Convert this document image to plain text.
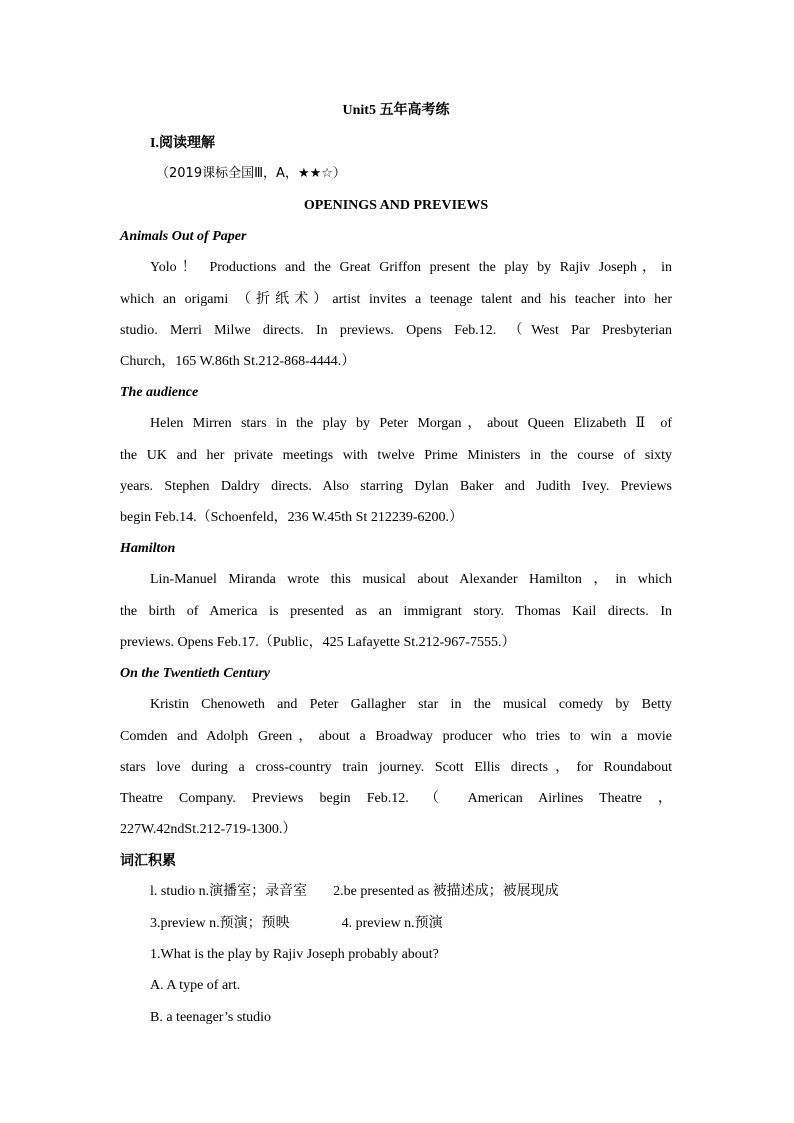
Unit5 五年高考练
I.阅读理解
（2019课标全国Ⅲ，A，★★☆）
OPENINGS AND PREVIEWS
Animals Out of Paper
Yolo！ Productions and the Great Griffon present the play by Rajiv Joseph，in
which an origami （折纸术）artist invites a teenage talent and his teacher into her
studio. Merri Milwe directs. In previews. Opens Feb.12. （West Par Presbyterian
Church，165 W.86th St.212-868-4444.）
The audience
Helen Mirren stars in the play by Peter Morgan，about Queen Elizabeth Ⅱ of
the UK and her private meetings with twelve Prime Ministers in the course of sixty
years. Stephen Daldry directs. Also starring Dylan Baker and Judith Ivey. Previews
begin Feb.14.（Schoenfeld，236 W.45th St 212239-6200.）
Hamilton
Lin-Manuel Miranda wrote this musical about Alexander Hamilton ，in which
the birth of America is presented as an immigrant story. Thomas Kail directs. In
previews. Opens Feb.17.（Public，425 Lafayette St.212-967-7555.）
On the Twentieth Century
Kristin Chenoweth and Peter Gallagher star in the musical comedy by Betty
Comden and Adolph Green，about a Broadway producer who tries to win a movie
stars love during a cross-country train journey. Scott Ellis directs，for Roundabout
Theatre Company. Previews begin Feb.12. （ American Airlines Theatre ，
227W.42ndSt.212-719-1300.）
词汇积累
l. studio n.演播室；录音室 2.be presented as 被描述成；被展现成
3.preview n.预演；预映	4. preview n.预演
1.What is the play by Rajiv Joseph probably about?
A. A type of art.
B. a teenager’s studio
